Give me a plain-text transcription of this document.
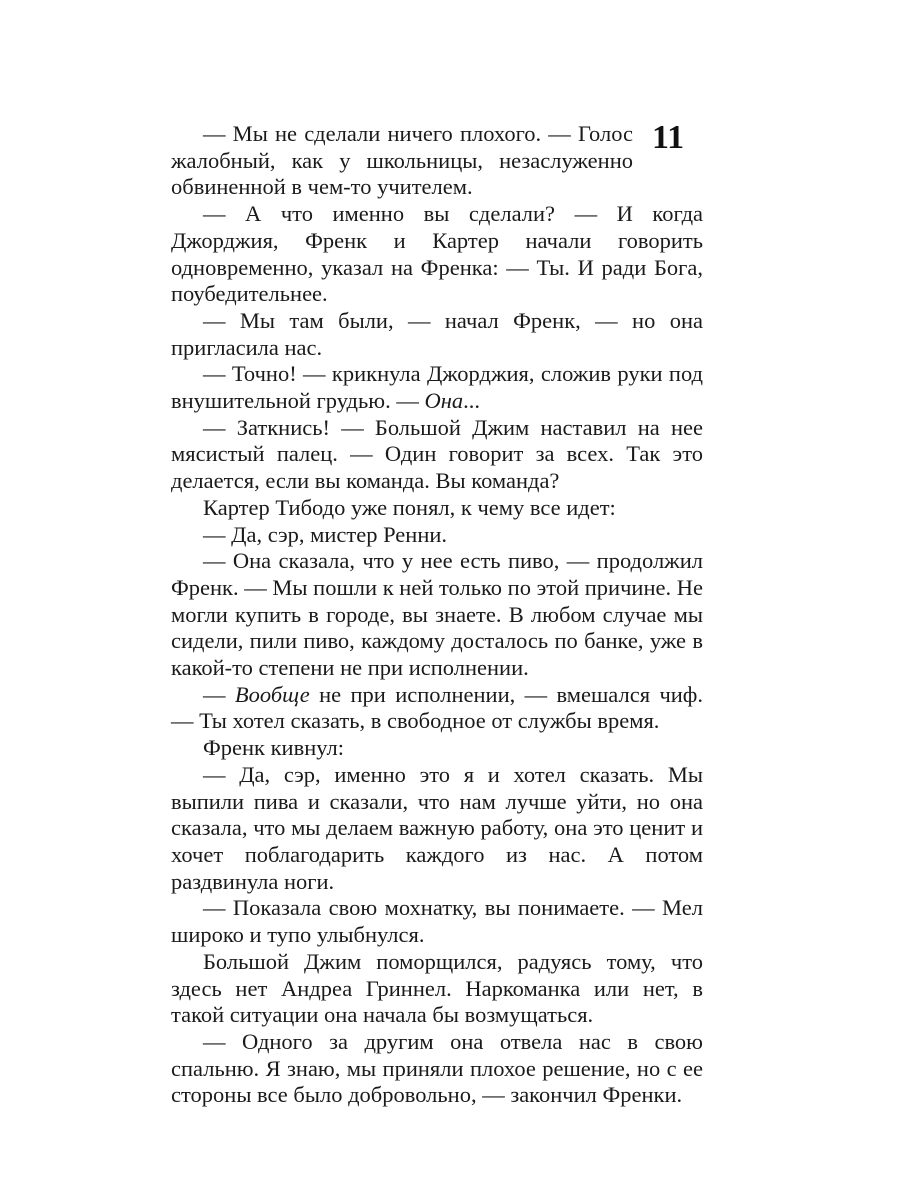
11

— Мы не сделали ничего плохого. — Голос жалобный, как у школьницы, незаслуженно обвиненной в чем-то учителем.

— А что именно вы сделали? — И когда Джорджия, Френк и Картер начали говорить одновременно, указал на Френка: — Ты. И ради Бога, поубедительнее.

— Мы там были, — начал Френк, — но она пригласила нас.

— Точно! — крикнула Джорджия, сложив руки под внушительной грудью. — Она...

— Заткнись! — Большой Джим наставил на нее мясистый палец. — Один говорит за всех. Так это делается, если вы команда. Вы команда?

Картер Тибодо уже понял, к чему все идет:

— Да, сэр, мистер Ренни.

— Она сказала, что у нее есть пиво, — продолжил Френк. — Мы пошли к ней только по этой причине. Не могли купить в городе, вы знаете. В любом случае мы сидели, пили пиво, каждому досталось по банке, уже в какой-то степени не при исполнении.

— Вообще не при исполнении, — вмешался чиф. — Ты хотел сказать, в свободное от службы время.

Френк кивнул:

— Да, сэр, именно это я и хотел сказать. Мы выпили пива и сказали, что нам лучше уйти, но она сказала, что мы делаем важную работу, она это ценит и хочет поблагодарить каждого из нас. А потом раздвинула ноги.

— Показала свою мохнатку, вы понимаете. — Мел широко и тупо улыбнулся.

Большой Джим поморщился, радуясь тому, что здесь нет Андреа Гриннел. Наркоманка или нет, в такой ситуации она начала бы возмущаться.

— Одного за другим она отвела нас в свою спальню. Я знаю, мы приняли плохое решение, но с ее стороны все было добровольно, — закончил Френки.
